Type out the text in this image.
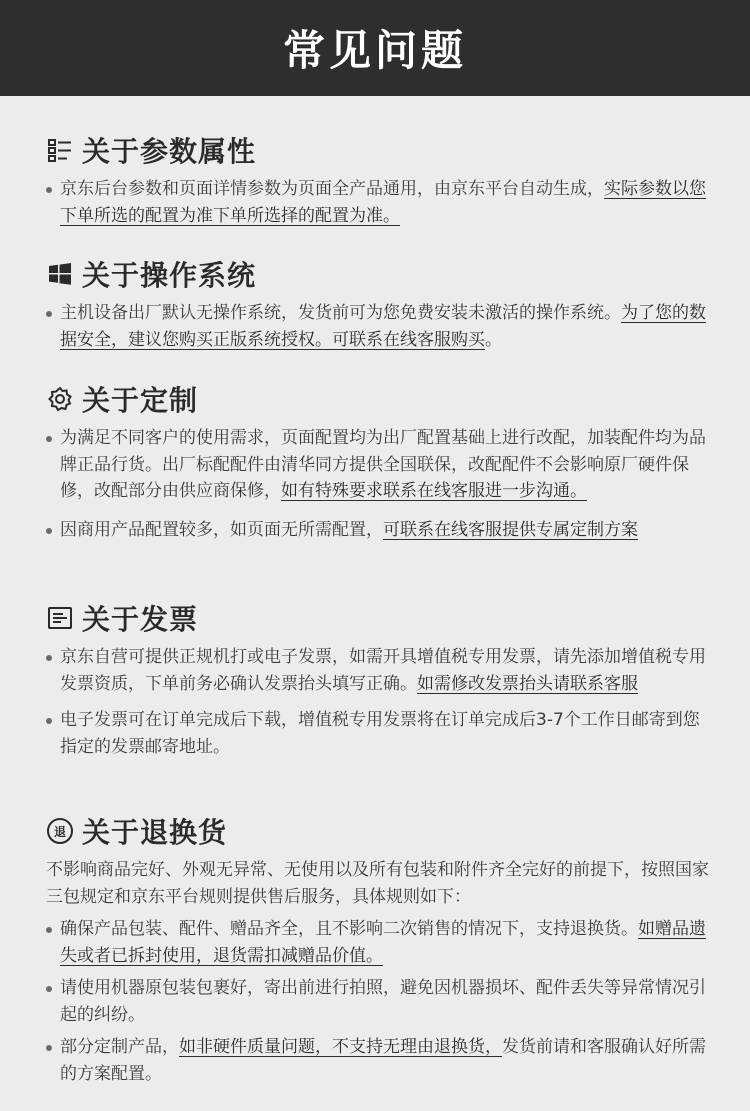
常见问题
关于参数属性
京东后台参数和页面详情参数为页面全产品通用，由京东平台自动生成，实际参数以您下单所选的配置为准下单所选择的配置为准。
关于操作系统
主机设备出厂默认无操作系统，发货前可为您免费安装未激活的操作系统。为了您的数据安全，建议您购买正版系统授权。可联系在线客服购买。
关于定制
为满足不同客户的使用需求，页面配置均为出厂配置基础上进行改配，加装配件均为品牌正品行货。出厂标配配件由清华同方提供全国联保，改配配件不会影响原厂硬件保修，改配部分由供应商保修，如有特殊要求联系在线客服进一步沟通。
因商用产品配置较多，如页面无所需配置，可联系在线客服提供专属定制方案
关于发票
京东自营可提供正规机打或电子发票，如需开具增值税专用发票，请先添加增值税专用发票资质，下单前务必确认发票抬头填写正确。如需修改发票抬头请联系客服
电子发票可在订单完成后下载，增值税专用发票将在订单完成后3-7个工作日邮寄到您指定的发票邮寄地址。
退 关于退换货
不影响商品完好、外观无异常、无使用以及所有包装和附件齐全完好的前提下，按照国家三包规定和京东平台规则提供售后服务，具体规则如下：
确保产品包装、配件、赠品齐全，且不影响二次销售的情况下，支持退换货。如赠品遗失或者已拆封使用，退货需扣减赠品价值。
请使用机器原包装包裹好，寄出前进行拍照，避免因机器损坏、配件丢失等异常情况引起的纠纷。
部分定制产品，如非硬件质量问题，不支持无理由退换货，发货前请和客服确认好所需的方案配置。
